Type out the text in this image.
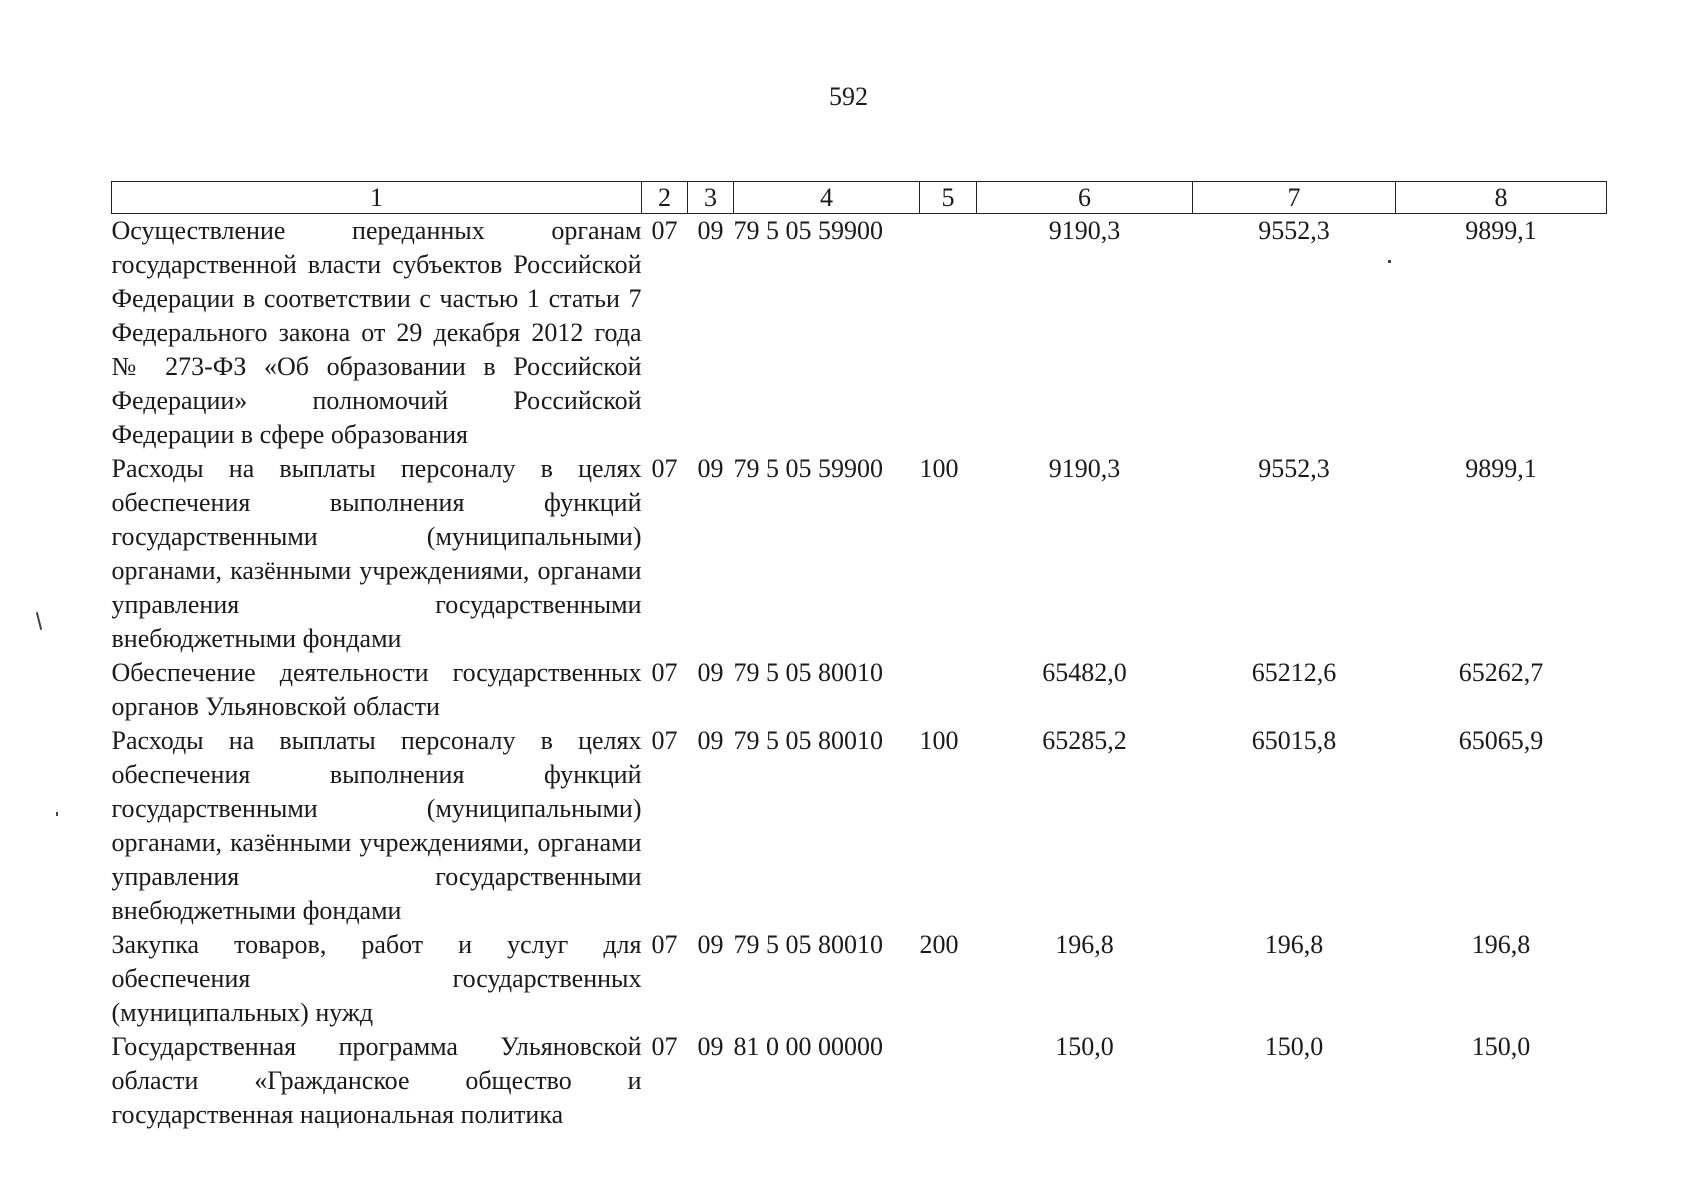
592
1	2	3	4	5	6	7	8
Осуществление переданных органам государственной власти субъектов Российской Федерации в соответствии с частью 1 статьи 7 Федерального закона от 29 декабря 2012 года № 273-ФЗ «Об образовании в Российской Федерации» полномочий Российской Федерации в сфере образования	07	09	79 5 05 59900		9190,3	9552,3	9899,1
Расходы на выплаты персоналу в целях обеспечения выполнения функций государственными (муниципальными) органами, казёнными учреждениями, органами управления государственными внебюджетными фондами	07	09	79 5 05 59900	100	9190,3	9552,3	9899,1
Обеспечение деятельности государственных органов Ульяновской области	07	09	79 5 05 80010		65482,0	65212,6	65262,7
Расходы на выплаты персоналу в целях обеспечения выполнения функций государственными (муниципальными) органами, казёнными учреждениями, органами управления государственными внебюджетными фондами	07	09	79 5 05 80010	100	65285,2	65015,8	65065,9
Закупка товаров, работ и услуг для обеспечения государственных (муниципальных) нужд	07	09	79 5 05 80010	200	196,8	196,8	196,8
Государственная программа Ульяновской области «Гражданское общество и государственная национальная политика	07	09	81 0 00 00000		150,0	150,0	150,0
